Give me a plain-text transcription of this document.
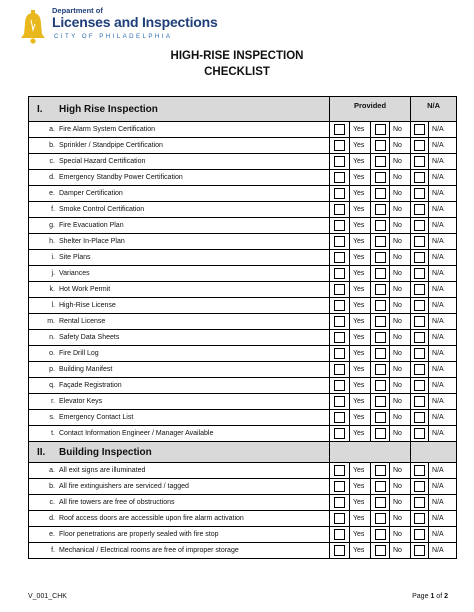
Department of
Licenses and Inspections
CITY OF PHILADELPHIA
HIGH-RISE INSPECTION
CHECKLIST
I. High Rise Inspection	Provided				N/A	
a. Fire Alarm System Certification		Yes		No		N/A
b. Sprinkler / Standpipe Certification		Yes		No		N/A
c. Special Hazard Certification		Yes		No		N/A
d. Emergency Standby Power Certification		Yes		No		N/A
e. Damper Certification		Yes		No		N/A
f. Smoke Control Certification		Yes		No		N/A
g. Fire Evacuation Plan		Yes		No		N/A
h. Shelter In-Place Plan		Yes		No		N/A
i. Site Plans		Yes		No		N/A
j. Variances		Yes		No		N/A
k. Hot Work Permit		Yes		No		N/A
l. High-Rise License		Yes		No		N/A
m. Rental License		Yes		No		N/A
n. Safety Data Sheets		Yes		No		N/A
o. Fire Drill Log		Yes		No		N/A
p. Building Manifest		Yes		No		N/A
q. Façade Registration		Yes		No		N/A
r. Elevator Keys		Yes		No		N/A
s. Emergency Contact List		Yes		No		N/A
t. Contact Information Engineer / Manager Available		Yes		No		N/A
II. Building Inspection						
a. All exit signs are illuminated		Yes		No		N/A
b. All fire extinguishers are serviced / tagged		Yes		No		N/A
c. All fire towers are free of obstructions		Yes		No		N/A
d. Roof access doors are accessible upon fire alarm activation		Yes		No		N/A
e. Floor penetrations are properly sealed with fire stop		Yes		No		N/A
f. Mechanical / Electrical rooms are free of improper storage		Yes		No		N/A
V_001_CHK	Page 1 of 2
